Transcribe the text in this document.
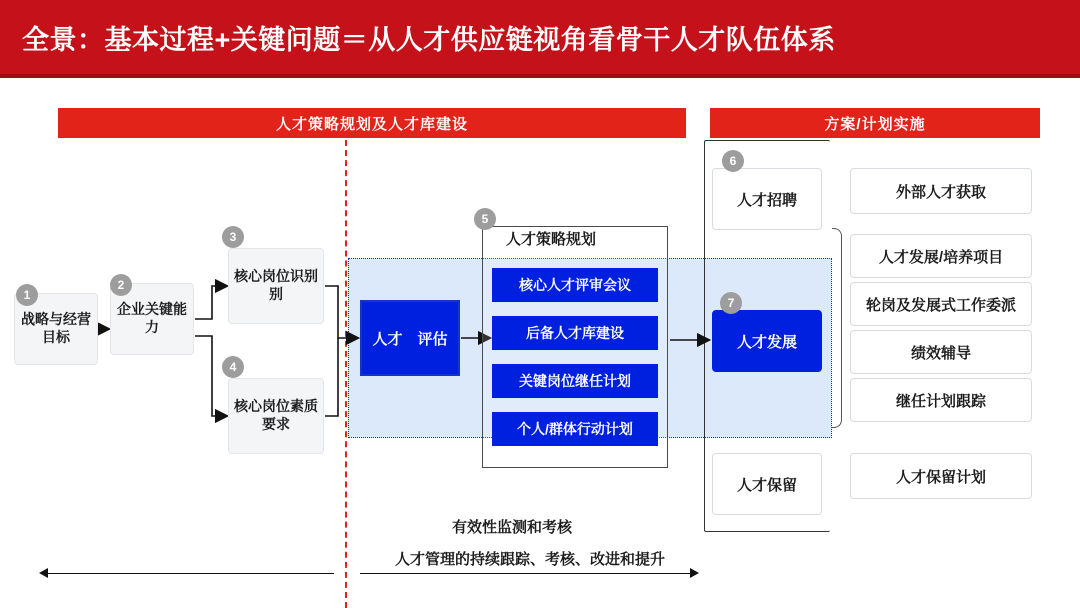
全景：基本过程+关键问题＝从人才供应链视角看骨干人才队伍体系
人才策略规划及人才库建设	方案/计划实施
战略与经营目标
企业关键能力
核心岗位识别别
核心岗位素质要求
人才策略规划
人才　评估
核心人才评审会议
后备人才库建设
关键岗位继任计划
个人/群体行动计划
人才招聘
人才发展
人才保留
外部人才获取
人才发展/培养项目
轮岗及发展式工作委派
绩效辅导
继任计划跟踪
人才保留计划
1
2
3
4
5
6
7
有效性监测和考核
人才管理的持续跟踪、考核、改进和提升
